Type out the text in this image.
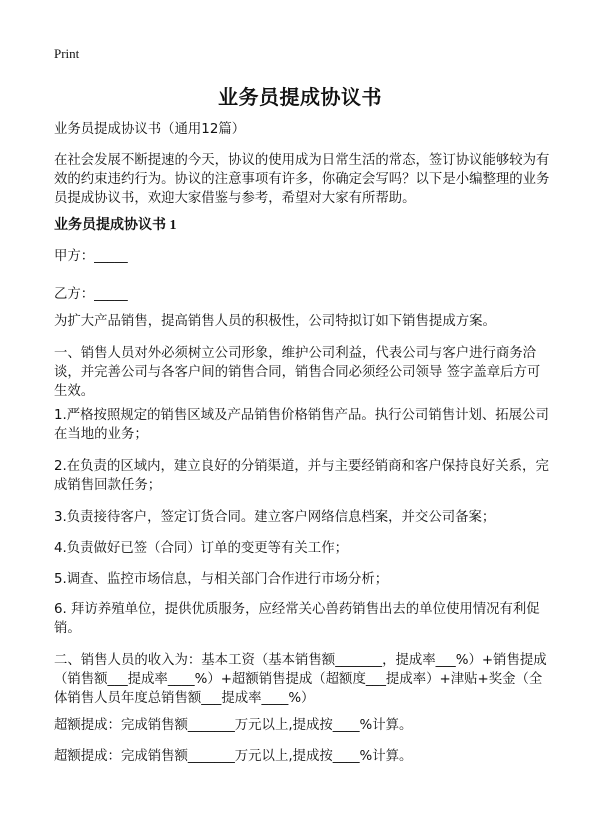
Print
业务员提成协议书

业务员提成协议书（通用12篇）

在社会发展不断提速的今天，协议的使用成为日常生活的常态，签订协议能够较为有效的约束违约行为。协议的注意事项有许多，你确定会写吗？以下是小编整理的业务员提成协议书，欢迎大家借鉴与参考，希望对大家有所帮助。

业务员提成协议书 1

甲方：_____

乙方：_____

为扩大产品销售，提高销售人员的积极性，公司特拟订如下销售提成方案。

一、销售人员对外必须树立公司形象，维护公司利益，代表公司与客户进行商务洽谈，并完善公司与各客户间的销售合同，销售合同必须经公司领导 签字盖章后方可生效。

1.严格按照规定的销售区域及产品销售价格销售产品。执行公司销售计划、拓展公司在当地的业务；

2.在负责的区域内，建立良好的分销渠道，并与主要经销商和客户保持良好关系，完成销售回款任务；

3.负责接待客户，签定订货合同。建立客户网络信息档案，并交公司备案；

4.负责做好已签（合同）订单的变更等有关工作；

5.调查、监控市场信息，与相关部门合作进行市场分析；

6. 拜访养殖单位，提供优质服务，应经常关心兽药销售出去的单位使用情况有利促销。

二、销售人员的收入为：基本工资（基本销售额_______，提成率___%）+销售提成（销售额___提成率____%）+超额销售提成（超额度___提成率）+津贴+奖金（全体销售人员年度总销售额___提成率____%）

超额提成：完成销售额_______万元以上,提成按____%计算。

超额提成：完成销售额_______万元以上,提成按____%计算。
